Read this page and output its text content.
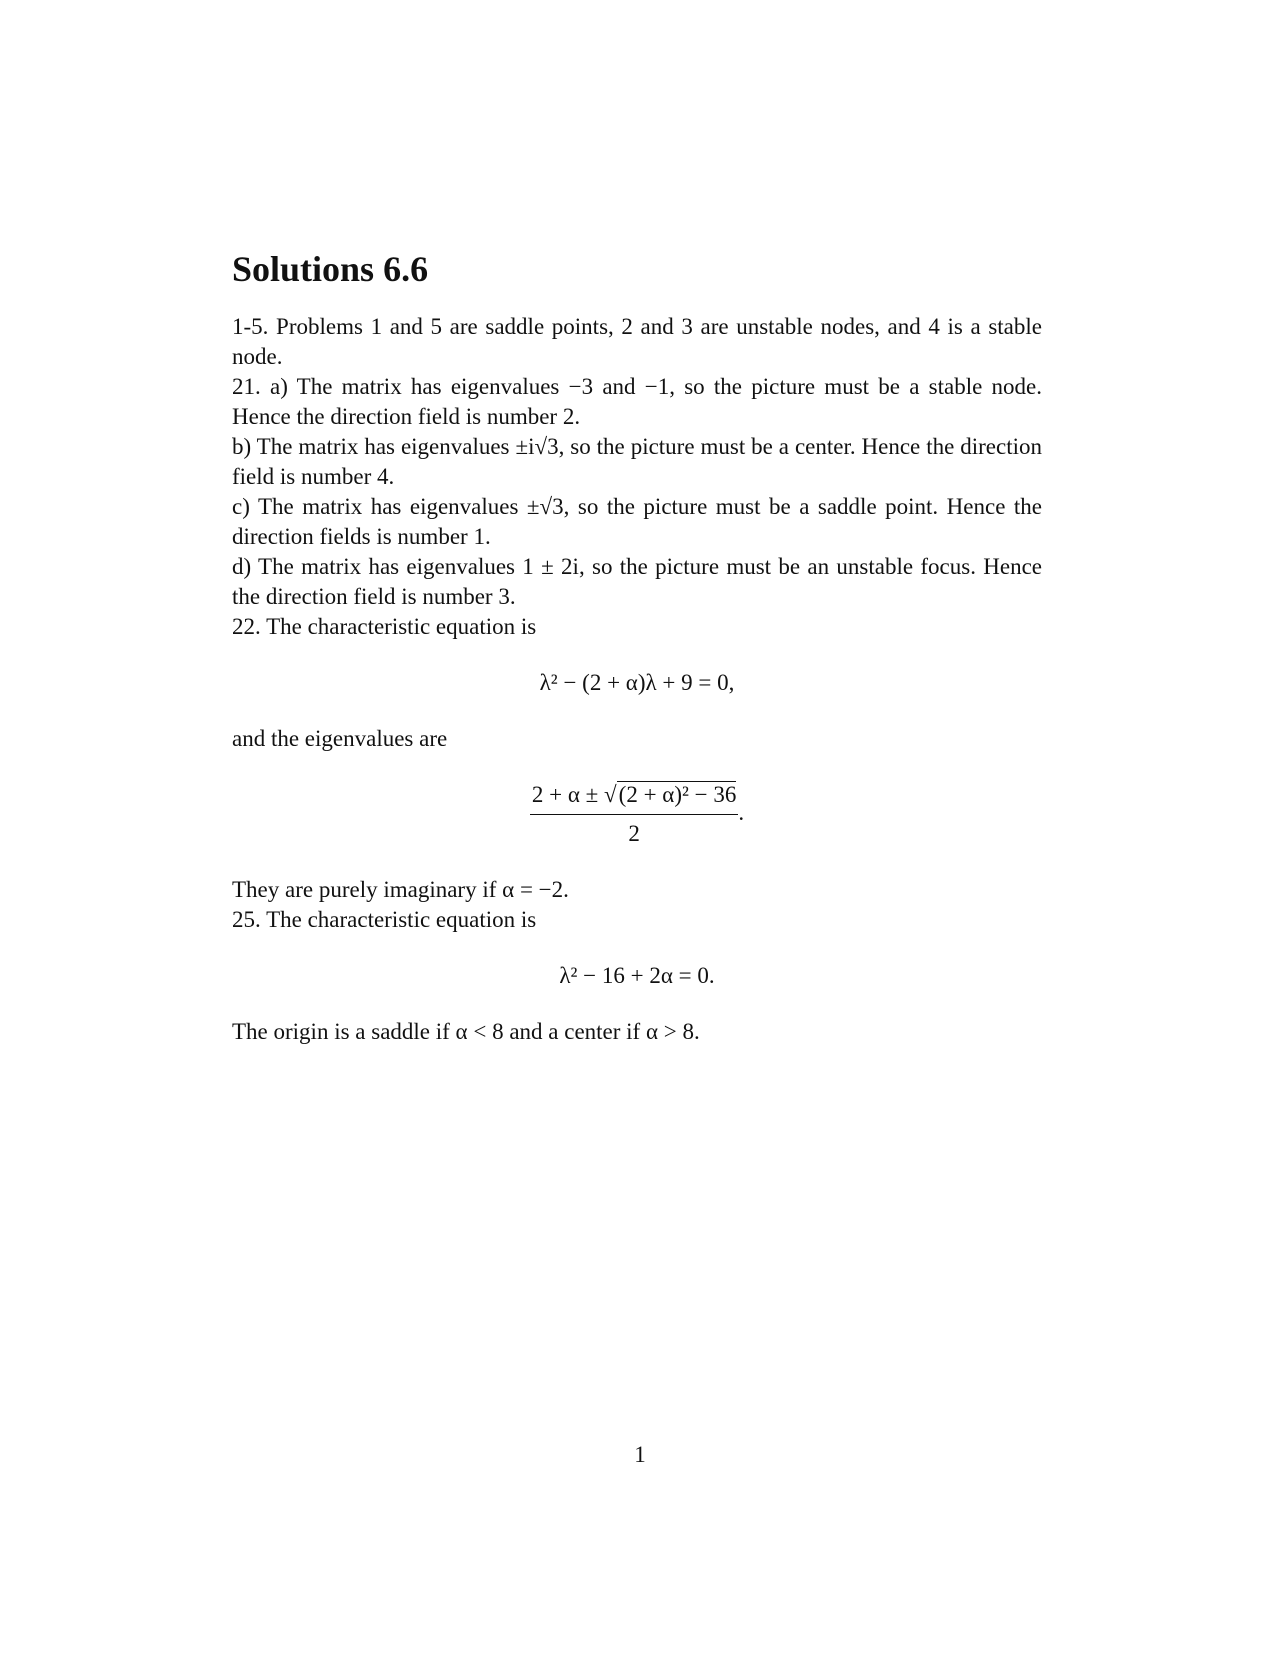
Solutions 6.6

1-5. Problems 1 and 5 are saddle points, 2 and 3 are unstable nodes, and 4 is a stable node.

21. a) The matrix has eigenvalues −3 and −1, so the picture must be a stable node. Hence the direction field is number 2.

b) The matrix has eigenvalues ±i√3, so the picture must be a center. Hence the direction field is number 4.

c) The matrix has eigenvalues ±√3, so the picture must be a saddle point. Hence the direction fields is number 1.

d) The matrix has eigenvalues 1 ± 2i, so the picture must be an unstable focus. Hence the direction field is number 3.

22. The characteristic equation is

λ² − (2 + α)λ + 9 = 0,

and the eigenvalues are

$\frac{\text{2 + α ± √(2 + α)² − 36}}{2}$ .

They are purely imaginary if α = −2.

25. The characteristic equation is

λ² − 16 + 2α = 0.

The origin is a saddle if α < 8 and a center if α > 8.

1
